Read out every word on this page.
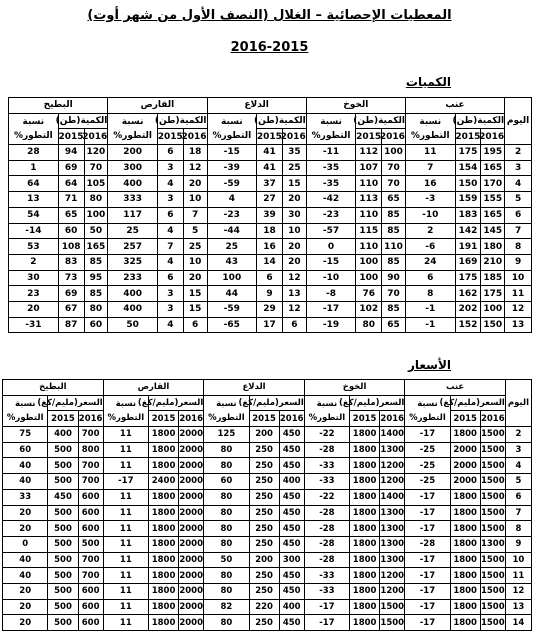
المعطيات الإحصائية – الغلال (النصف الأول من شهر أوت)
2016-2015
الكميات
اليوم	عنب			الخوخ			الدلاع			القارص			البطيخ		
	الكمية(طن)		نسبة التطور%	الكمية(طن)		نسبة التطور%	الكمية(طن)		نسبة التطور%	الكمية(طن)		نسبة التطور%	الكمية(طن)		نسبة التطور%
	2016	2015		2016	2015		2016	2015		2016	2015		2016	2015	
2	195	175	11	100	112	11-	35	41	15-	18	6	200	120	94	28
3	165	154	7	70	107	35-	25	41	39-	12	3	300	70	69	1
4	170	150	16	70	110	35-	15	37	59-	20	4	400	105	64	64
5	155	159	3-	65	113	42-	20	27	4	10	3	333	80	71	13
6	165	183	10-	85	110	23-	30	39	23-	7	6	117	100	65	54
7	145	142	2	85	115	57-	10	18	44-	5	4	25	50	60	14-
8	180	191	6-	110	110	0	20	16	25	25	7	257	165	108	53
9	210	169	24	85	100	15-	20	14	43	10	4	325	85	83	2
10	185	175	6	90	100	10-	12	6	100	20	6	233	95	73	30
11	175	162	8	70	76	8-	13	9	44	15	3	400	85	69	23
12	100	202	1-	85	102	17-	12	29	59-	15	3	400	80	67	20
13	150	152	1-	65	80	19-	6	17	65-	6	4	50	60	87	31-
الأسعار
اليوم	عنب			الخوخ			الدلاع			القارص			البطيخ		
	السعر(مليم/كغ)		نسبة التطور%	السعر(مليم/كغ)		نسبة التطور%	السعر(مليم/كغ)		نسبة التطور%	السعر(مليم/كغ)		نسبة التطور%	السعر(مليم/كغ)		نسبة التطور%
	2016	2015		2016	2015		2016	2015		2016	2015		2016	2015	
2	1500	1800	17-	1400	1800	22-	450	200	125	2000	1800	11	700	400	75
3	1500	2000	25-	1300	1800	28-	450	250	80	2000	1800	11	800	500	60
4	1500	2000	25-	1200	1800	33-	450	250	80	2000	1800	11	700	500	40
5	1500	2000	25-	1200	1800	33-	400	250	60	2000	2400	17-	700	500	40
6	1500	1800	17-	1400	1800	22-	450	250	80	2000	1800	11	600	450	33
7	1500	1800	17-	1300	1800	28-	450	250	80	2000	1800	11	600	500	20
8	1500	1800	17-	1300	1800	28-	450	250	80	2000	1800	11	600	500	20
9	1300	1800	28-	1300	1800	28-	450	250	80	2000	1800	11	500	500	0
10	1500	1800	17-	1300	1800	28-	300	200	50	2000	1800	11	700	500	40
11	1500	1800	17-	1200	1800	33-	450	250	80	2000	1800	11	700	500	40
12	1500	1800	17-	1200	1800	33-	450	250	80	2000	1800	11	600	500	20
13	1500	1800	17-	1500	1800	17-	400	220	82	2000	1800	11	600	500	20
14	1500	1800	17-	1500	1800	17-	450	250	80	2000	1800	11	600	500	20
